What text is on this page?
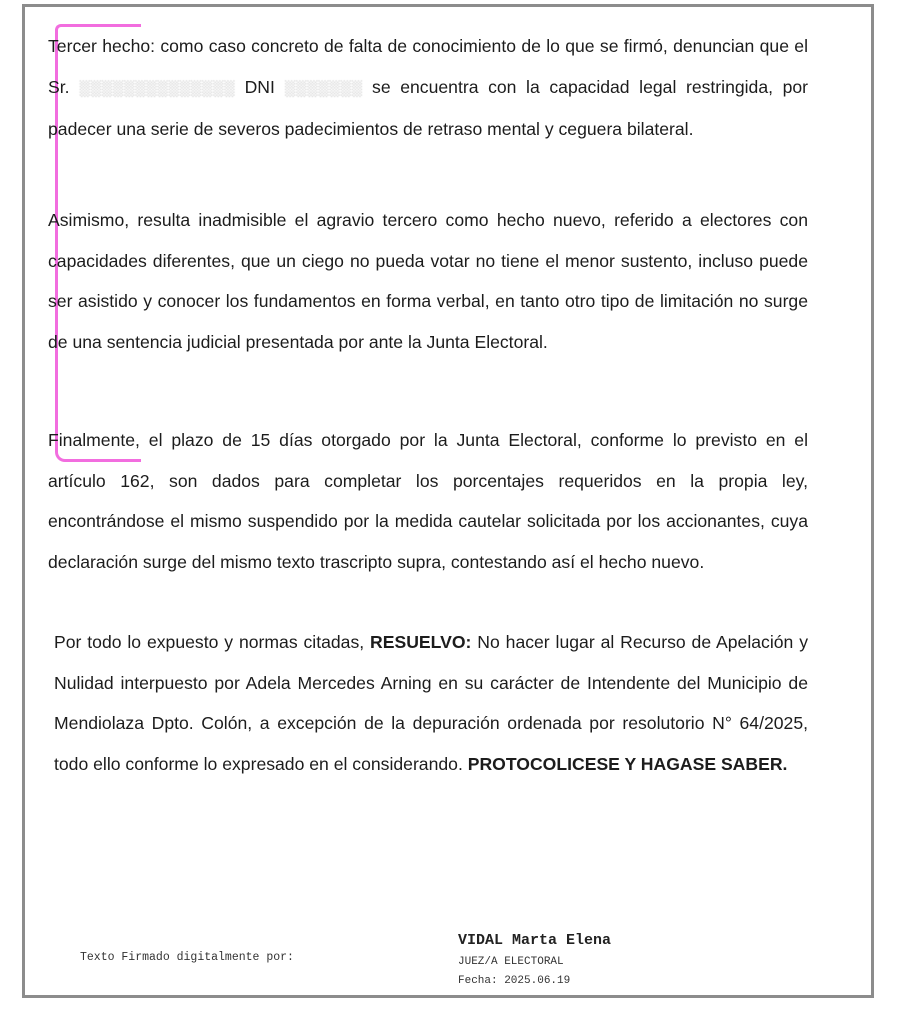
Tercer hecho: como caso concreto de falta de conocimiento de lo que se firmó, denuncian que el Sr. ░░░░░░░░░░░░░░ DNI ░░░░░░░ se encuentra con la capacidad legal restringida, por padecer una serie de severos padecimientos de retraso mental y ceguera bilateral.

Asimismo, resulta inadmisible el agravio tercero como hecho nuevo, referido a electores con capacidades diferentes, que un ciego no pueda votar no tiene el menor sustento, incluso puede ser asistido y conocer los fundamentos en forma verbal, en tanto otro tipo de limitación no surge de una sentencia judicial presentada por ante la Junta Electoral.

Finalmente, el plazo de 15 días otorgado por la Junta Electoral, conforme lo previsto en el artículo 162, son dados para completar los porcentajes requeridos en la propia ley, encontrándose el mismo suspendido por la medida cautelar solicitada por los accionantes, cuya declaración surge del mismo texto trascripto supra, contestando así el hecho nuevo.

Por todo lo expuesto y normas citadas, RESUELVO: No hacer lugar al Recurso de Apelación y Nulidad interpuesto por Adela Mercedes Arning en su carácter de Intendente del Municipio de Mendiolaza Dpto. Colón, a excepción de la depuración ordenada por resolutorio N° 64/2025, todo ello conforme lo expresado en el considerando. PROTOCOLICESE Y HAGASE SABER.

Texto Firmado digitalmente por:
VIDAL Marta Elena
JUEZ/A ELECTORAL
Fecha: 2025.06.19
